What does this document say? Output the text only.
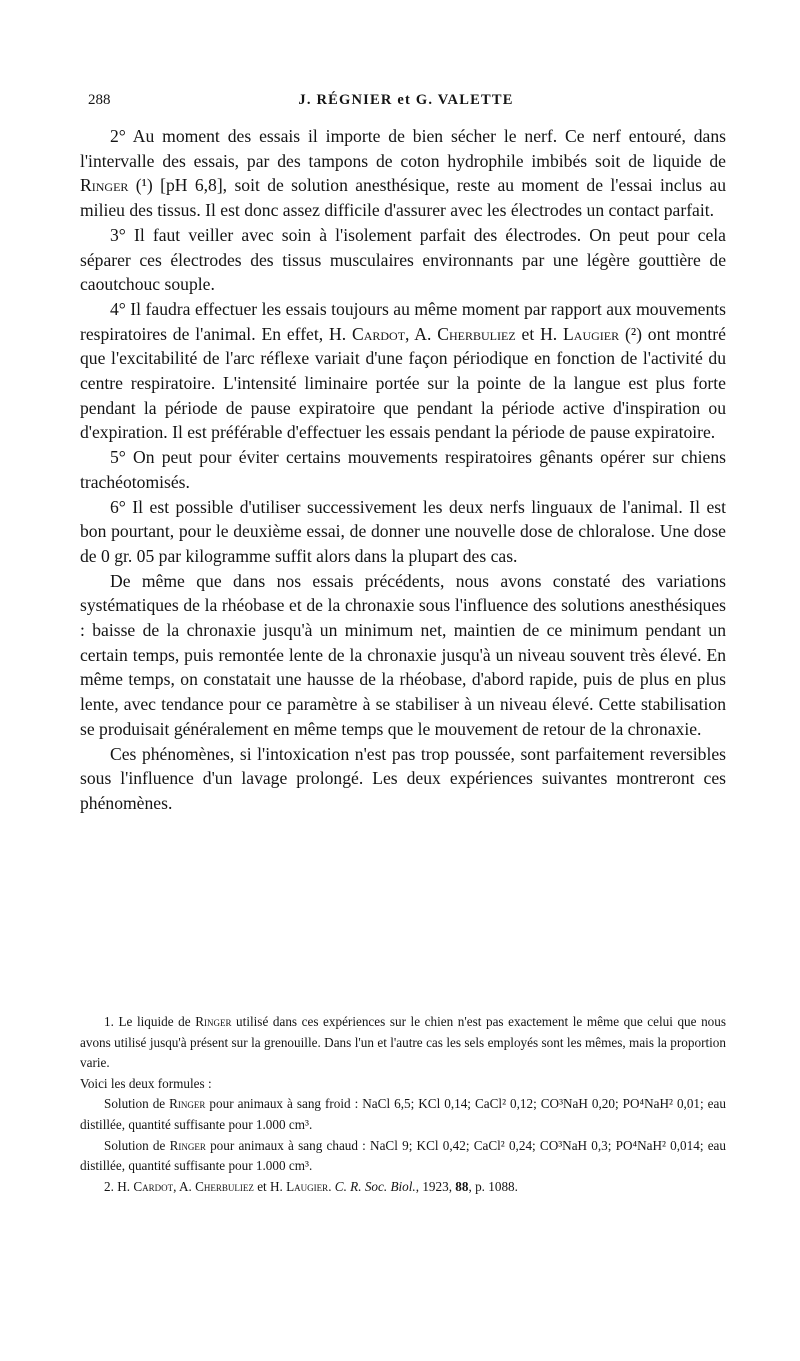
288	J. RÉGNIER et G. VALETTE

2° Au moment des essais il importe de bien sécher le nerf. Ce nerf entouré, dans l'intervalle des essais, par des tampons de coton hydrophile imbibés soit de liquide de Ringer (¹) [pH 6,8], soit de solution anesthésique, reste au moment de l'essai inclus au milieu des tissus. Il est donc assez difficile d'assurer avec les électrodes un contact parfait.

3° Il faut veiller avec soin à l'isolement parfait des électrodes. On peut pour cela séparer ces électrodes des tissus musculaires environnants par une légère gouttière de caoutchouc souple.

4° Il faudra effectuer les essais toujours au même moment par rapport aux mouvements respiratoires de l'animal. En effet, H. Cardot, A. Cherbuliez et H. Laugier (²) ont montré que l'excitabilité de l'arc réflexe variait d'une façon périodique en fonction de l'activité du centre respiratoire. L'intensité liminaire portée sur la pointe de la langue est plus forte pendant la période de pause expiratoire que pendant la période active d'inspiration ou d'expiration. Il est préférable d'effectuer les essais pendant la période de pause expiratoire.

5° On peut pour éviter certains mouvements respiratoires gênants opérer sur chiens trachéotomisés.

6° Il est possible d'utiliser successivement les deux nerfs linguaux de l'animal. Il est bon pourtant, pour le deuxième essai, de donner une nouvelle dose de chloralose. Une dose de 0 gr. 05 par kilogramme suffit alors dans la plupart des cas.

De même que dans nos essais précédents, nous avons constaté des variations systématiques de la rhéobase et de la chronaxie sous l'influence des solutions anesthésiques : baisse de la chronaxie jusqu'à un minimum net, maintien de ce minimum pendant un certain temps, puis remontée lente de la chronaxie jusqu'à un niveau souvent très élevé. En même temps, on constatait une hausse de la rhéobase, d'abord rapide, puis de plus en plus lente, avec tendance pour ce paramètre à se stabiliser à un niveau élevé. Cette stabilisation se produisait généralement en même temps que le mouvement de retour de la chronaxie.

Ces phénomènes, si l'intoxication n'est pas trop poussée, sont parfaitement reversibles sous l'influence d'un lavage prolongé. Les deux expériences suivantes montreront ces phénomènes.

1. Le liquide de Ringer utilisé dans ces expériences sur le chien n'est pas exactement le même que celui que nous avons utilisé jusqu'à présent sur la grenouille. Dans l'un et l'autre cas les sels employés sont les mêmes, mais la proportion varie.

Voici les deux formules :

Solution de Ringer pour animaux à sang froid : NaCl 6,5; KCl 0,14; CaCl² 0,12; CO³NaH 0,20; PO⁴NaH² 0,01; eau distillée, quantité suffisante pour 1.000 cm³.

Solution de Ringer pour animaux à sang chaud : NaCl 9; KCl 0,42; CaCl² 0,24; CO³NaH 0,3; PO⁴NaH² 0,014; eau distillée, quantité suffisante pour 1.000 cm³.

2. H. Cardot, A. Cherbuliez et H. Laugier. C. R. Soc. Biol., 1923, 88, p. 1088.
